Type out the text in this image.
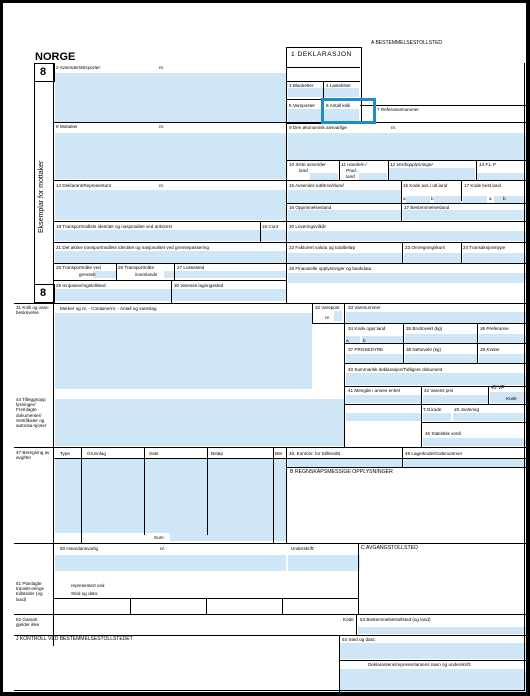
A BESTEMMELSESTOLLSTED
NORGE
8
8
Eksemplar for mottaker
1 DEKLARASJON
3 Blanketter	4 Lastelister
5 Vareposter 6 Antall kolli
7 Referansenummer
2 Avsender/Eksportør	nr.
8 Mottaker	nr.
14 Deklarant/Representant	nr.
18 Transportmidlets identitet og nasjonalitet ved ankomst	19 Cont
21 Det aktive transportmidlets identitet og nasjonalitet ved grensepassering
25 Transportmåte ved
grensen
26 Transportmåte
innenlands
27 Lossested
29 Innpasseringstollsted	30 Varenes lagringssted
9 Den økonomisk ansvarlige	nr.
10 Siste avsender-
land
11 Handels-/
Prod.-
land
12 Verdiopplysninger	13 F.L.P
15 Avsender-/utførselsland	15 Kode avs./ utl.land	17 Kode best.land
a	b	a b
16 Opprinnelsesland	17 Bestemmelsesland
20 Leveringsvilkår
22 Fakturert valuta og totalbeløp	23 Omregningskurs	24 Transaksjonstype
28 Finansielle opplysninger og bankdata
31 Kolli og vare-beskrivelse
Merker og nr. - Containernr. - Antall og vareslag	32 Varepost
nr.
33 Varenummer
34 Kode oppr.land
a	b
35 Bruttovekt (kg)	36 Preferanse
37 PROSEDYRE	38 Nettovekt (kg)	39 Kvoter
40 Summarisk deklarasjon/Tidligere dokument
41 Mengde i annen enhet	42 Varens pris	43 VF
Kode
44 Tilleggsopp lysninger/ Fremlagte dokumenter/ Sertifikater og autorisa-sjoner
T.O.kode	45 Justering
46 Statistisk verdi
47 Beregning av avgifter
Type	Grunnlag	Sats	Beløp	BM
Sum:
48. Kontonr. for tollkreditt	49 Lagerkode/Godsnummer
B REGNSKAPSMESSIGE OPPLYSNINGER
50 Hovedansvarlig	nr.	Underskrift:	C AVGANGSTOLLSTED
representert ved
Sted og dato:
51 Planlagte transitt-erings tollsteder (og land)
52 Garanti gjelder ikke
Kode 53 Bestemmelsestollsted (og land)
J KONTROLL VED BESTEMMELSESTOLLSTEDET	54 Sted og dato:
Deklarantens/representantens navn og underskrift:
